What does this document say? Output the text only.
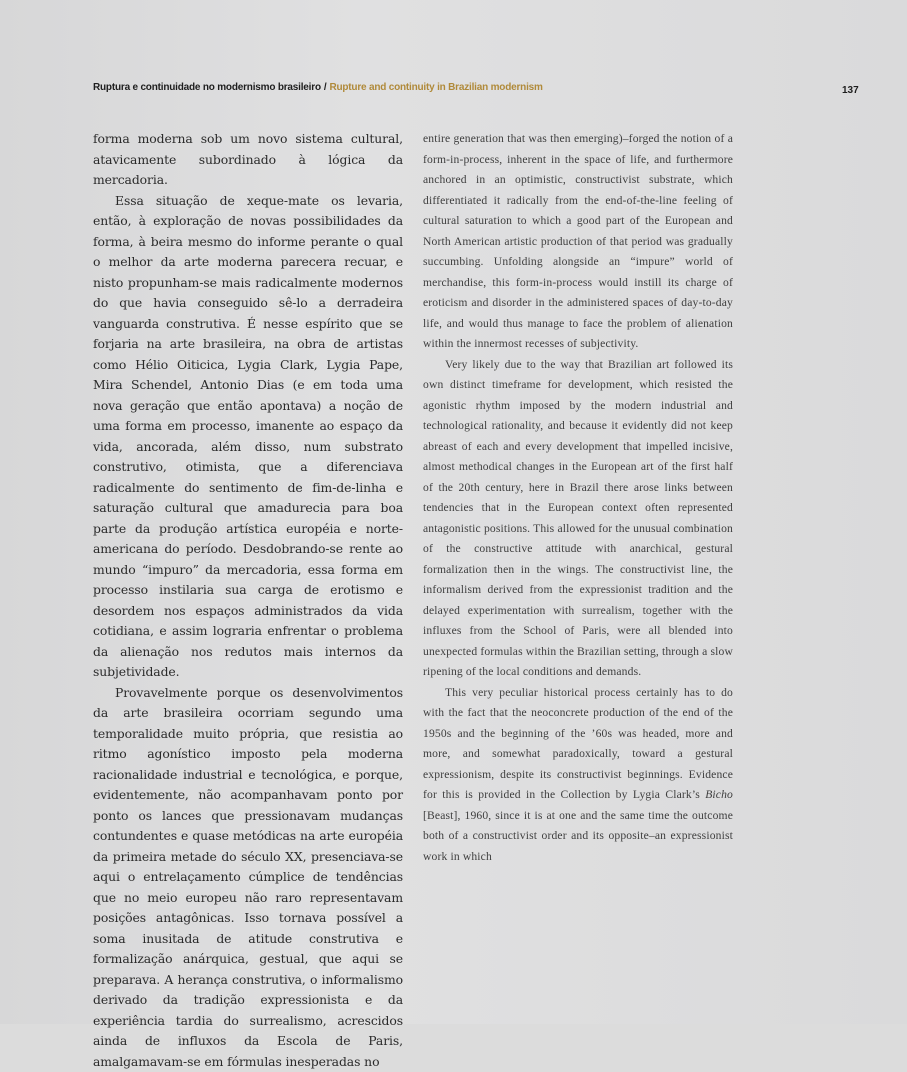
Ruptura e continuidade no modernismo brasileiro / Rupture and continuity in Brazilian modernism	137

forma moderna sob um novo sistema cultural, atavicamente subordinado à lógica da mercadoria.

Essa situação de xeque-mate os levaria, então, à exploração de novas possibilidades da forma, à beira mesmo do informe perante o qual o melhor da arte moderna parecera recuar, e nisto propunham-se mais radicalmente modernos do que havia conseguido sê-lo a derradeira vanguarda construtiva. É nesse espírito que se forjaria na arte brasileira, na obra de artistas como Hélio Oiticica, Lygia Clark, Lygia Pape, Mira Schendel, Antonio Dias (e em toda uma nova geração que então apontava) a noção de uma forma em processo, imanente ao espaço da vida, ancorada, além disso, num substrato construtivo, otimista, que a diferenciava radicalmente do sentimento de fim-de-linha e saturação cultural que amadurecia para boa parte da produção artística européia e norte-americana do período. Desdobrando-se rente ao mundo “impuro” da mercadoria, essa forma em processo instilaria sua carga de erotismo e desordem nos espaços administrados da vida cotidiana, e assim lograria enfrentar o problema da alienação nos redutos mais internos da subjetividade.

Provavelmente porque os desenvolvimentos da arte brasileira ocorriam segundo uma temporalidade muito própria, que resistia ao ritmo agonístico imposto pela moderna racionalidade industrial e tecnológica, e porque, evidentemente, não acompanhavam ponto por ponto os lances que pressionavam mudanças contundentes e quase metódicas na arte européia da primeira metade do século XX, presenciava-se aqui o entrelaçamento cúmplice de tendências que no meio europeu não raro representavam posições antagônicas. Isso tornava possível a soma inusitada de atitude construtiva e formalização anárquica, gestual, que aqui se preparava. A herança construtiva, o informalismo derivado da tradição expressionista e da experiência tardia do surrealismo, acrescidos ainda de influxos da Escola de Paris, amalgamavam-se em fórmulas inesperadas no

entire generation that was then emerging)–forged the notion of a form-in-process, inherent in the space of life, and furthermore anchored in an optimistic, constructivist substrate, which differentiated it radically from the end-of-the-line feeling of cultural saturation to which a good part of the European and North American artistic production of that period was gradually succumbing. Unfolding alongside an “impure” world of merchandise, this form-in-process would instill its charge of eroticism and disorder in the administered spaces of day-to-day life, and would thus manage to face the problem of alienation within the innermost recesses of subjectivity.

Very likely due to the way that Brazilian art followed its own distinct timeframe for development, which resisted the agonistic rhythm imposed by the modern industrial and technological rationality, and because it evidently did not keep abreast of each and every development that impelled incisive, almost methodical changes in the European art of the first half of the 20th century, here in Brazil there arose links between tendencies that in the European context often represented antagonistic positions. This allowed for the unusual combination of the constructive attitude with anarchical, gestural formalization then in the wings. The constructivist line, the informalism derived from the expressionist tradition and the delayed experimentation with surrealism, together with the influxes from the School of Paris, were all blended into unexpected formulas within the Brazilian setting, through a slow ripening of the local conditions and demands.

This very peculiar historical process certainly has to do with the fact that the neoconcrete production of the end of the 1950s and the beginning of the ’60s was headed, more and more, and somewhat paradoxically, toward a gestural expressionism, despite its constructivist beginnings. Evidence for this is provided in the Collection by Lygia Clark’s Bicho [Beast], 1960, since it is at one and the same time the outcome both of a constructivist order and its opposite–an expressionist work in which
